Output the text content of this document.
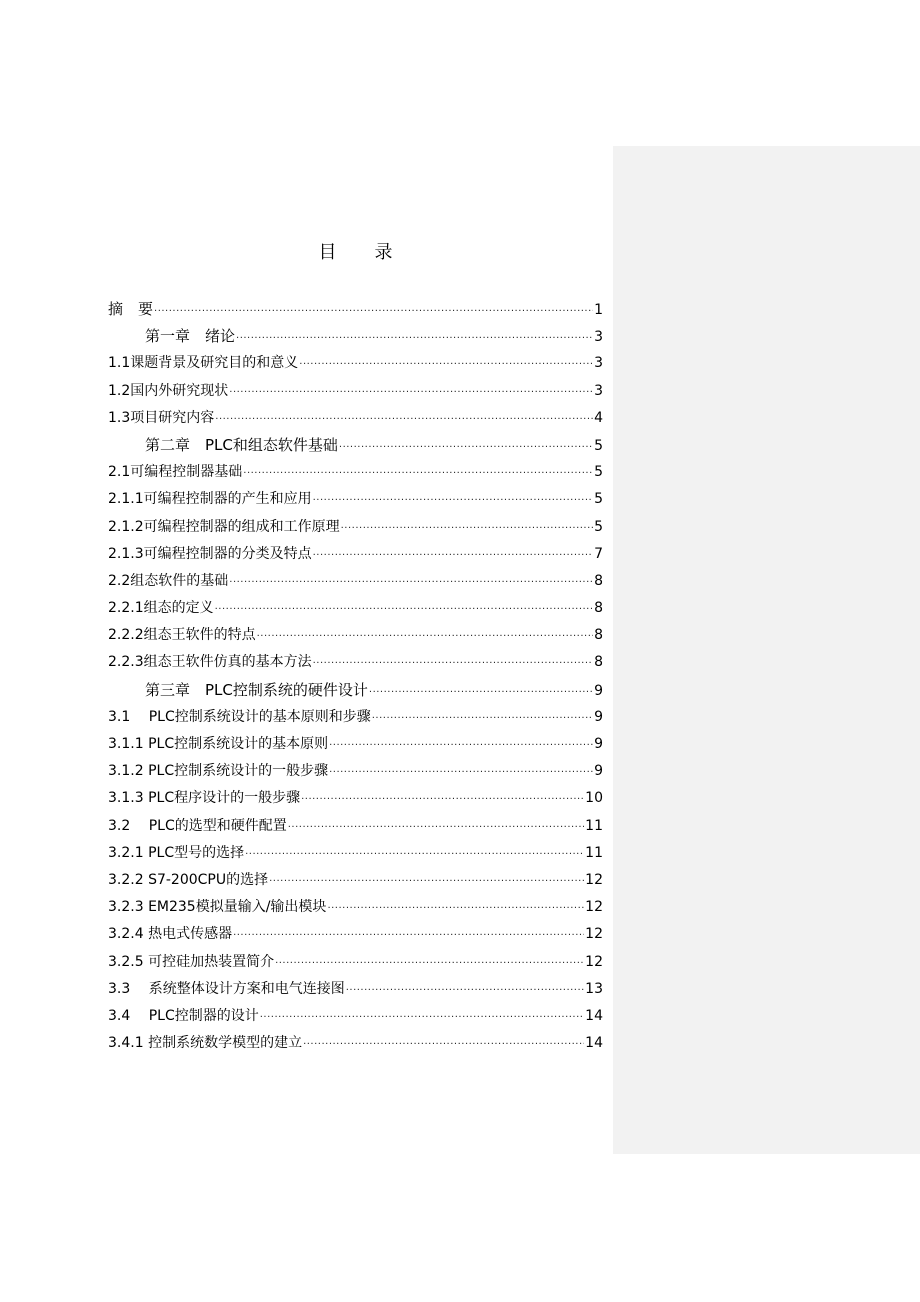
目 录
摘　要 ·····	1
第一章　绪论 ·····	3
1.1课题背景及研究目的和意义 ·····	3
1.2国内外研究现状 ·····	3
1.3项目研究内容 ·····	4
第二章　PLC和组态软件基础 ·····	5
2.1可编程控制器基础 ·····	5
2.1.1可编程控制器的产生和应用 ·····	5
2.1.2可编程控制器的组成和工作原理 ·····	5
2.1.3可编程控制器的分类及特点 ·····	7
2.2组态软件的基础 ·····	8
2.2.1组态的定义 ·····	8
2.2.2组态王软件的特点 ·····	8
2.2.3组态王软件仿真的基本方法 ·····	8
第三章　PLC控制系统的硬件设计 ·····	9
3.1　 PLC控制系统设计的基本原则和步骤 ·····	9
3.1.1 PLC控制系统设计的基本原则 ·····	9
3.1.2 PLC控制系统设计的一般步骤 ·····	9
3.1.3 PLC程序设计的一般步骤 ·····	10
3.2　 PLC的选型和硬件配置 ·····	11
3.2.1 PLC型号的选择 ·····	11
3.2.2 S7-200CPU的选择 ·····	12
3.2.3 EM235模拟量输入/输出模块 ·····	12
3.2.4 热电式传感器 ·····	12
3.2.5 可控硅加热装置简介 ·····	12
3.3　 系统整体设计方案和电气连接图 ·····	13
3.4　 PLC控制器的设计 ·····	14
3.4.1 控制系统数学模型的建立 ·····	14
